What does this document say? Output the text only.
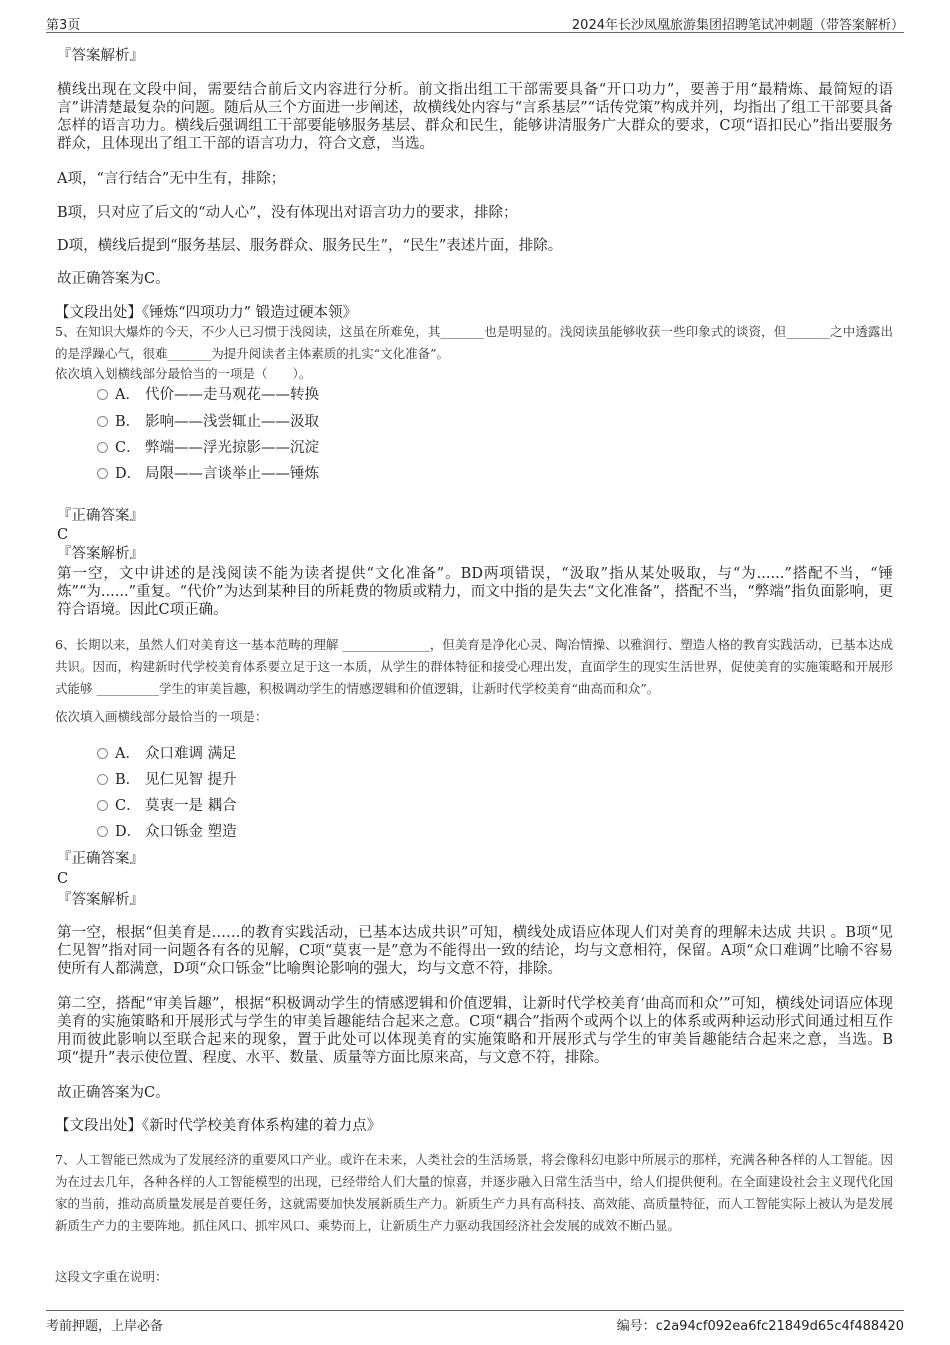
第3页	2024年长沙凤凰旅游集团招聘笔试冲刺题（带答案解析）
『答案解析』
横线出现在文段中间，需要结合前后文内容进行分析。前文指出组工干部需要具备“开口功力”，要善于用“最精炼、最简短的语言”讲清楚最复杂的问题。随后从三个方面进一步阐述，故横线处内容与“言系基层”“话传党策”构成并列，均指出了组工干部要具备怎样的语言功力。横线后强调组工干部要能够服务基层、群众和民生，能够讲清服务广大群众的要求，C项“语扣民心”指出要服务群众，且体现出了组工干部的语言功力，符合文意，当选。
A项，“言行结合”无中生有，排除；
B项，只对应了后文的“动人心”，没有体现出对语言功力的要求，排除；
D项，横线后提到“服务基层、服务群众、服务民生”，“民生”表述片面，排除。
故正确答案为C。
【文段出处】《锤炼“四项功力” 锻造过硬本领》
5、在知识大爆炸的今天，不少人已习惯于浅阅读，这虽在所难免，其_______也是明显的。浅阅读虽能够收获一些印象式的谈资，但_______之中透露出的是浮躁心气，很难_______为提升阅读者主体素质的扎实“文化准备”。
依次填入划横线部分最恰当的一项是（　　）。
A． 代价——走马观花——转换
B． 影响——浅尝辄止——汲取
C． 弊端——浮光掠影——沉淀
D． 局限——言谈举止——锤炼
『正确答案』
C
『答案解析』
第一空，文中讲述的是浅阅读不能为读者提供“文化准备”。BD两项错误，“汲取”指从某处吸取，与“为......”搭配不当，“锤炼”“为......”重复。“代价”为达到某种目的所耗费的物质或精力，而文中指的是失去“文化准备”，搭配不当，“弊端”指负面影响，更符合语境。因此C项正确。
6、长期以来，虽然人们对美育这一基本范畴的理解 ______________，但美育是净化心灵、陶冶情操、以雅润行、塑造人格的教育实践活动，已基本达成共识。因而，构建新时代学校美育体系要立足于这一本质，从学生的群体特征和接受心理出发，直面学生的现实生活世界，促使美育的实施策略和开展形式能够 __________学生的审美旨趣，积极调动学生的情感逻辑和价值逻辑，让新时代学校美育“曲高而和众”。
依次填入画横线部分最恰当的一项是：
A． 众口难调 满足
B． 见仁见智 提升
C． 莫衷一是 耦合
D． 众口铄金 塑造
『正确答案』
C
『答案解析』
第一空，根据“但美育是……的教育实践活动，已基本达成共识”可知，横线处成语应体现人们对美育的理解未达成 共识 。B项“见仁见智”指对同一问题各有各的见解，C项“莫衷一是”意为不能得出一致的结论，均与文意相符，保留。A项“众口难调”比喻不容易使所有人都满意，D项“众口铄金”比喻舆论影响的强大，均与文意不符，排除。
第二空，搭配“审美旨趣”，根据“积极调动学生的情感逻辑和价值逻辑，让新时代学校美育‘曲高而和众’”可知，横线处词语应体现美育的实施策略和开展形式与学生的审美旨趣能结合起来之意。C项“耦合”指两个或两个以上的体系或两种运动形式间通过相互作用而彼此影响以至联合起来的现象，置于此处可以体现美育的实施策略和开展形式与学生的审美旨趣能结合起来之意，当选。B项“提升”表示使位置、程度、水平、数量、质量等方面比原来高，与文意不符，排除。
故正确答案为C。
【文段出处】《新时代学校美育体系构建的着力点》
7、人工智能已然成为了发展经济的重要风口产业。或许在未来，人类社会的生活场景，将会像科幻电影中所展示的那样，充满各种各样的人工智能。因为在过去几年，各种各样的人工智能模型的出现，已经带给人们大量的惊喜，并逐步融入日常生活当中，给人们提供便利。在全面建设社会主义现代化国家的当前，推动高质量发展是首要任务，这就需要加快发展新质生产力。新质生产力具有高科技、高效能、高质量特征，而人工智能实际上被认为是发展新质生产力的主要阵地。抓住风口、抓牢风口、乘势而上，让新质生产力驱动我国经济社会发展的成效不断凸显。
这段文字重在说明：
考前押题，上岸必备	编号：c2a94cf092ea6fc21849d65c4f488420
